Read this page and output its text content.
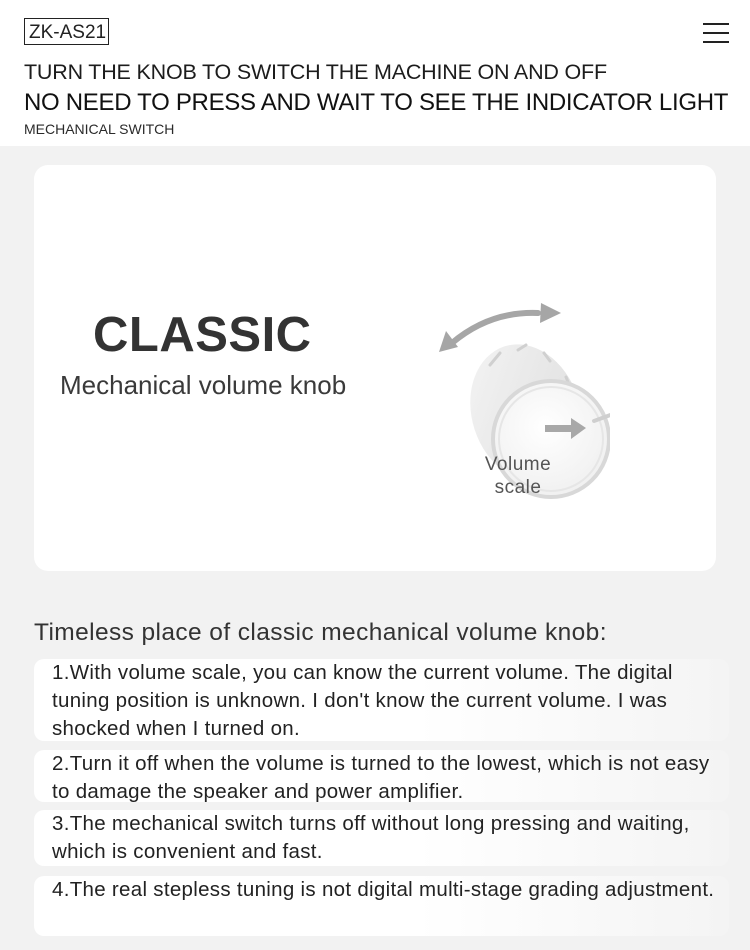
ZK-AS21
TURN THE KNOB TO SWITCH THE MACHINE ON AND OFF
NO NEED TO PRESS AND WAIT TO SEE THE INDICATOR LIGHT
MECHANICAL SWITCH
CLASSIC
Mechanical volume knob
Volume
scale
Timeless place of classic mechanical volume knob:
1.With volume scale, you can know the current volume. The digital tuning position is unknown. I don't know the current volume. I was shocked when I turned on.
2.Turn it off when the volume is turned to the lowest, which is not easy to damage the speaker and power amplifier.
3.The mechanical switch turns off without long pressing and waiting, which is convenient and fast.
4.The real stepless tuning is not digital multi-stage grading adjustment.
